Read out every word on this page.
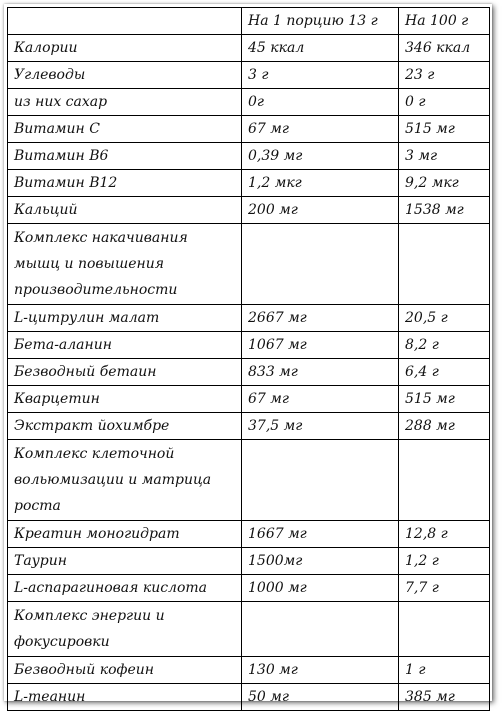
	На 1 порцию 13 г	На 100 г
Калории	45 ккал	346 ккал
Углеводы	3 г	23 г
из них сахар	0г	0 г
Витамин С	67 мг	515 мг
Витамин В6	0,39 мг	3 мг
Витамин В12	1,2 мкг	9,2 мкг
Кальций	200 мг	1538 мг
Комплекс накачивания мышц и повышения производительности		
L-цитрулин малат	2667 мг	20,5 г
Бета-аланин	1067 мг	8,2 г
Безводный бетаин	833 мг	6,4 г
Кварцетин	67 мг	515 мг
Экстракт йохимбре	37,5 мг	288 мг
Комплекс клеточной вольюмизации и матрица роста		
Креатин моногидрат	1667 мг	12,8 г
Таурин	1500мг	1,2 г
L-аспарагиновая кислота	1000 мг	7,7 г
Комплекс энергии и фокусировки		
Безводный кофеин	130 мг	1 г
L-теанин	50 мг	385 мг
